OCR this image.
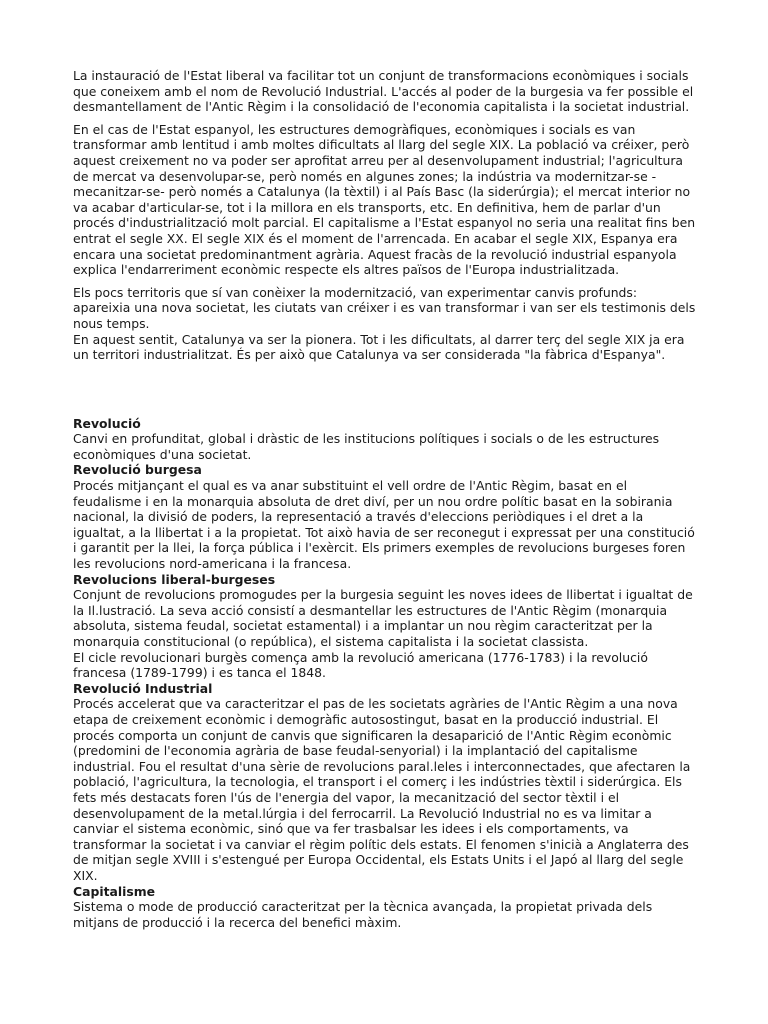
La instauració de l'Estat liberal va facilitar tot un conjunt de transformacions econòmiques i socials que coneixem amb el nom de Revolució Industrial. L'accés al poder de la burgesia va fer possible el desmantellament de l'Antic Règim i la consolidació de l'economia capitalista i la societat industrial.

En el cas de l'Estat espanyol, les estructures demogràfiques, econòmiques i socials es van transformar amb lentitud i amb moltes dificultats al llarg del segle XIX. La població va créixer, però aquest creixement no va poder ser aprofitat arreu per al desenvolupament industrial; l'agricultura de mercat va desenvolupar-se, però només en algunes zones; la indústria va modernitzar-se -mecanitzar-se- però només a Catalunya (la tèxtil) i al País Basc (la siderúrgia); el mercat interior no va acabar d'articular-se, tot i la millora en els transports, etc. En definitiva, hem de parlar d'un procés d'industrialització molt parcial. El capitalisme a l'Estat espanyol no seria una realitat fins ben entrat el segle XX. El segle XIX és el moment de l'arrencada. En acabar el segle XIX, Espanya era encara una societat predominantment agrària. Aquest fracàs de la revolució industrial espanyola explica l'endarreriment econòmic respecte els altres països de l'Europa industrialitzada.

Els pocs territoris que sí van conèixer la modernització, van experimentar canvis profunds: apareixia una nova societat, les ciutats van créixer i es van transformar i van ser els testimonis dels nous temps.

En aquest sentit, Catalunya va ser la pionera. Tot i les dificultats, al darrer terç del segle XIX ja era un territori industrialitzat. És per això que Catalunya va ser considerada "la fàbrica d'Espanya".

Revolució
Canvi en profunditat, global i dràstic de les institucions polítiques i socials o de les estructures econòmiques d'una societat.
Revolució burgesa
Procés mitjançant el qual es va anar substituint el vell ordre de l'Antic Règim, basat en el feudalisme i en la monarquia absoluta de dret diví, per un nou ordre polític basat en la sobirania nacional, la divisió de poders, la representació a través d'eleccions periòdiques i el dret a la igualtat, a la llibertat i a la propietat. Tot això havia de ser reconegut i expressat per una constitució i garantit per la llei, la força pública i l'exèrcit. Els primers exemples de revolucions burgeses foren les revolucions nord-americana i la francesa.
Revolucions liberal-burgeses
Conjunt de revolucions promogudes per la burgesia seguint les noves idees de llibertat i igualtat de la Il.lustració. La seva acció consistí a desmantellar les estructures de l'Antic Règim (monarquia absoluta, sistema feudal, societat estamental) i a implantar un nou règim caracteritzat per la monarquia constitucional (o república), el sistema capitalista i la societat classista.
El cicle revolucionari burgès comença amb la revolució americana (1776-1783) i la revolució francesa (1789-1799) i es tanca el 1848.
Revolució Industrial
Procés accelerat que va caracteritzar el pas de les societats agràries de l'Antic Règim a una nova etapa de creixement econòmic i demogràfic autosostingut, basat en la producció industrial. El procés comporta un conjunt de canvis que significaren la desaparició de l'Antic Règim econòmic (predomini de l'economia agrària de base feudal-senyorial) i la implantació del capitalisme industrial. Fou el resultat d'una sèrie de revolucions paral.leles i interconnectades, que afectaren la població, l'agricultura, la tecnologia, el transport i el comerç i les indústries tèxtil i siderúrgica. Els fets més destacats foren l'ús de l'energia del vapor, la mecanització del sector tèxtil i el desenvolupament de la metal.lúrgia i del ferrocarril. La Revolució Industrial no es va limitar a canviar el sistema econòmic, sinó que va fer trasbalsar les idees i els comportaments, va transformar la societat i va canviar el règim polític dels estats. El fenomen s'inicià a Anglaterra des de mitjan segle XVIII i s'estengué per Europa Occidental, els Estats Units i el Japó al llarg del segle XIX.
Capitalisme
Sistema o mode de producció caracteritzat per la tècnica avançada, la propietat privada dels mitjans de producció i la recerca del benefici màxim.
